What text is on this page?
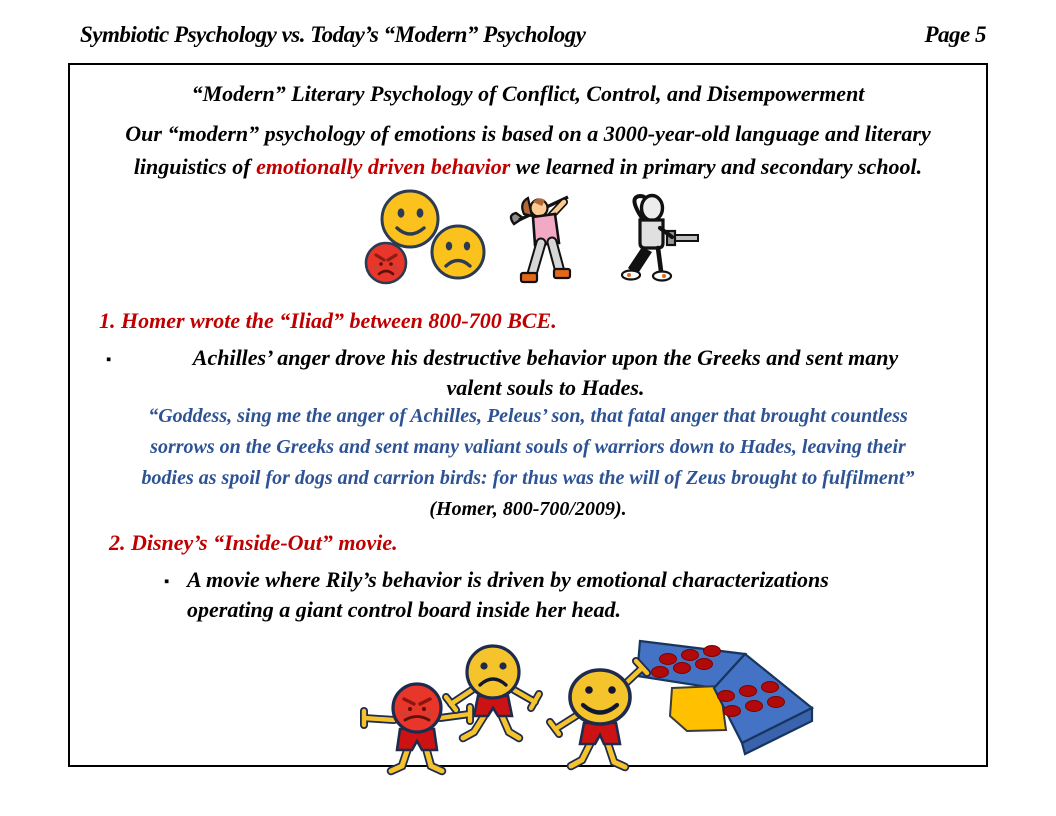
Symbiotic Psychology vs. Today’s “Modern” Psychology	Page 5
“Modern” Literary Psychology of Conflict, Control, and Disempowerment
Our “modern” psychology of emotions is based on a 3000-year-old language and literary
linguistics of emotionally driven behavior we learned in primary and secondary school.
1. Homer wrote the “Iliad” between 800-700 BCE.
▪	Achilles’ anger drove his destructive behavior upon the Greeks and sent many
valent souls to Hades.
“Goddess, sing me the anger of Achilles, Peleus’ son, that fatal anger that brought countless
sorrows on the Greeks and sent many valiant souls of warriors down to Hades, leaving their
bodies as spoil for dogs and carrion birds: for thus was the will of Zeus brought to fulfilment”
(Homer, 800-700/2009).
2. Disney’s “Inside-Out” movie.
▪ A movie where Rily’s behavior is driven by emotional characterizations
operating a giant control board inside her head.
